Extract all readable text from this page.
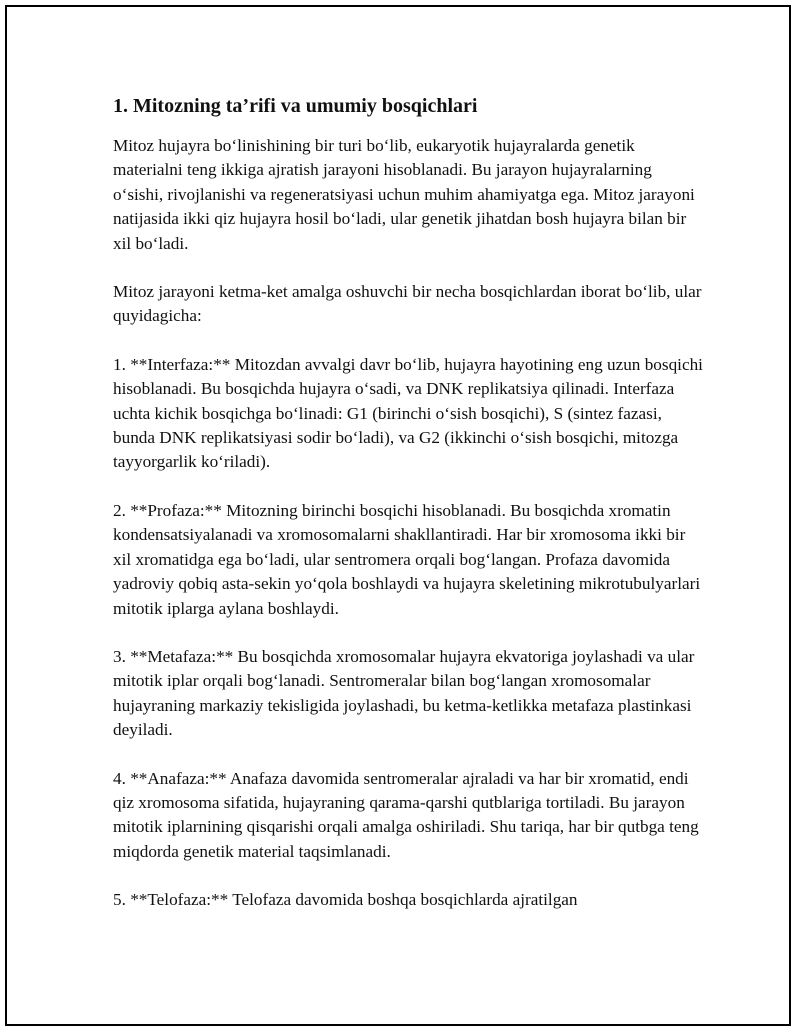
1. Mitozning ta’rifi va umumiy bosqichlari

Mitoz hujayra bo‘linishining bir turi bo‘lib, eukaryotik hujayralarda genetik materialni teng ikkiga ajratish jarayoni hisoblanadi. Bu jarayon hujayralarning o‘sishi, rivojlanishi va regeneratsiyasi uchun muhim ahamiyatga ega. Mitoz jarayoni natijasida ikki qiz hujayra hosil bo‘ladi, ular genetik jihatdan bosh hujayra bilan bir xil bo‘ladi.

Mitoz jarayoni ketma-ket amalga oshuvchi bir necha bosqichlardan iborat bo‘lib, ular quyidagicha:

1. **Interfaza:** Mitozdan avvalgi davr bo‘lib, hujayra hayotining eng uzun bosqichi hisoblanadi. Bu bosqichda hujayra o‘sadi, va DNK replikatsiya qilinadi. Interfaza uchta kichik bosqichga bo‘linadi: G1 (birinchi o‘sish bosqichi), S (sintez fazasi, bunda DNK replikatsiyasi sodir bo‘ladi), va G2 (ikkinchi o‘sish bosqichi, mitozga tayyorgarlik ko‘riladi).

2. **Profaza:** Mitozning birinchi bosqichi hisoblanadi. Bu bosqichda xromatin kondensatsiyalanadi va xromosomalarni shakllantiradi. Har bir xromosoma ikki bir xil xromatidga ega bo‘ladi, ular sentromera orqali bog‘langan. Profaza davomida yadroviy qobiq asta-sekin yo‘qola boshlaydi va hujayra skeletining mikrotubulyarlari mitotik iplarga aylana boshlaydi.

3. **Metafaza:** Bu bosqichda xromosomalar hujayra ekvatoriga joylashadi va ular mitotik iplar orqali bog‘lanadi. Sentromeralar bilan bog‘langan xromosomalar hujayraning markaziy tekisligida joylashadi, bu ketma-ketlikka metafaza plastinkasi deyiladi.

4. **Anafaza:** Anafaza davomida sentromeralar ajraladi va har bir xromatid, endi qiz xromosoma sifatida, hujayraning qarama-qarshi qutblariga tortiladi. Bu jarayon mitotik iplarnining qisqarishi orqali amalga oshiriladi. Shu tariqa, har bir qutbga teng miqdorda genetik material taqsimlanadi.

5. **Telofaza:** Telofaza davomida boshqa bosqichlarda ajratilgan
